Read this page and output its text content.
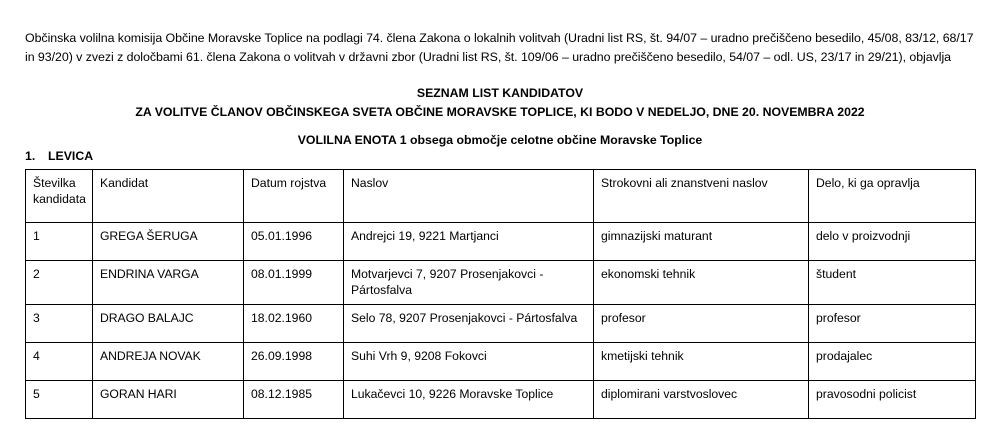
Občinska volilna komisija Občine Moravske Toplice na podlagi 74. člena Zakona o lokalnih volitvah (Uradni list RS, št. 94/07 – uradno prečiščeno besedilo, 45/08, 83/12, 68/17
in 93/20) v zvezi z določbami 61. člena Zakona o volitvah v državni zbor (Uradni list RS, št. 109/06 – uradno prečiščeno besedilo, 54/07 – odl. US, 23/17 in 29/21), objavlja
SEZNAM LIST KANDIDATOV
ZA VOLITVE ČLANOV OBČINSKEGA SVETA OBČINE MORAVSKE TOPLICE, KI BODO V NEDELJO, DNE 20. NOVEMBRA 2022
VOLILNA ENOTA 1 obsega območje celotne občine Moravske Toplice
1. LEVICA
Številka kandidata	Kandidat	Datum rojstva	Naslov	Strokovni ali znanstveni naslov	Delo, ki ga opravlja
1	GREGA ŠERUGA	05.01.1996	Andrejci 19, 9221 Martjanci	gimnazijski maturant	delo v proizvodnji
2	ENDRINA VARGA	08.01.1999	Motvarjevci 7, 9207 Prosenjakovci - Pártosfalva	ekonomski tehnik	študent
3	DRAGO BALAJC	18.02.1960	Selo 78, 9207 Prosenjakovci - Pártosfalva	profesor	profesor
4	ANDREJA NOVAK	26.09.1998	Suhi Vrh 9, 9208 Fokovci	kmetijski tehnik	prodajalec
5	GORAN HARI	08.12.1985	Lukačevci 10, 9226 Moravske Toplice	diplomirani varstvoslovec	pravosodni policist
